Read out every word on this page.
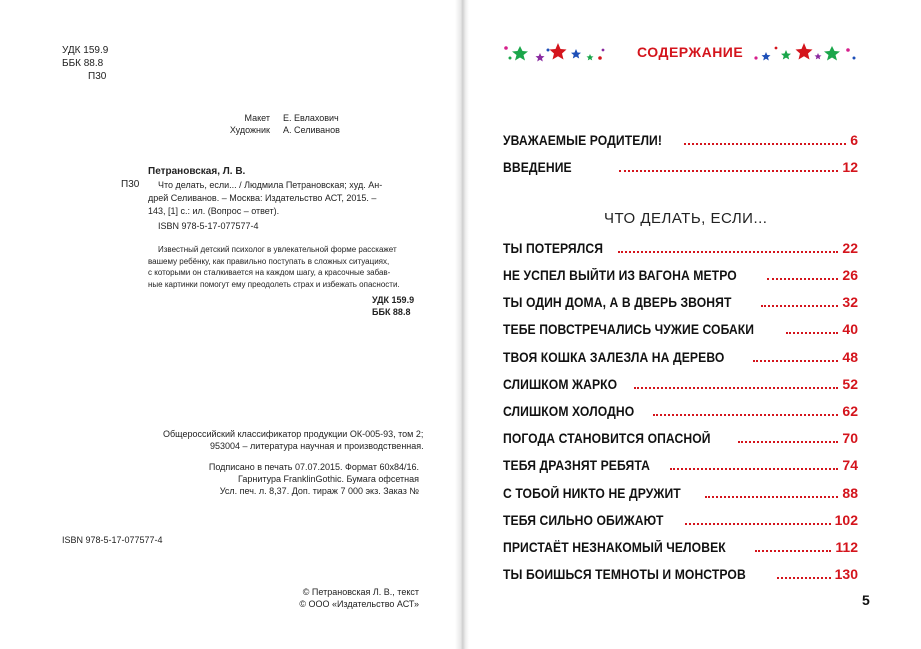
УДК 159.9
ББК 88.8
П30
Макет Е. Евлахович
Художник А. Селиванов
Петрановская, Л. В.
П30 Что делать, если... / Людмила Петрановская; худ. Ан-
дрей Селиванов. – Москва: Издательство АСТ, 2015. –
143, [1] с.: ил. (Вопрос – ответ).
ISBN 978-5-17-077577-4
Известный детский психолог в увлекательной форме расскажет
вашему ребёнку, как правильно поступать в сложных ситуациях,
с которыми он сталкивается на каждом шагу, а красочные забав-
ные картинки помогут ему преодолеть страх и избежать опасности.
УДК 159.9
ББК 88.8
Общероссийский классификатор продукции ОК-005-93, том 2;
953004 – литература научная и производственная.
Подписано в печать 07.07.2015. Формат 60х84/16.
Гарнитура FranklinGothic. Бумага офсетная
Усл. печ. л. 8,37. Доп. тираж 7 000 экз. Заказ №
ISBN 978-5-17-077577-4
© Петрановская Л. В., текст
© ООО «Издательство АСТ»
СОДЕРЖАНИЕ
УВАЖАЕМЫЕ РОДИТЕЛИ!	6
ВВЕДЕНИЕ	12
ЧТО ДЕЛАТЬ, ЕСЛИ...
ТЫ ПОТЕРЯЛСЯ	22
НЕ УСПЕЛ ВЫЙТИ ИЗ ВАГОНА МЕТРО	26
ТЫ ОДИН ДОМА, А В ДВЕРЬ ЗВОНЯТ	32
ТЕБЕ ПОВСТРЕЧАЛИСЬ ЧУЖИЕ СОБАКИ	40
ТВОЯ КОШКА ЗАЛЕЗЛА НА ДЕРЕВО	48
СЛИШКОМ ЖАРКО	52
СЛИШКОМ ХОЛОДНО	62
ПОГОДА СТАНОВИТСЯ ОПАСНОЙ	70
ТЕБЯ ДРАЗНЯТ РЕБЯТА	74
С ТОБОЙ НИКТО НЕ ДРУЖИТ	88
ТЕБЯ СИЛЬНО ОБИЖАЮТ	102
ПРИСТАЁТ НЕЗНАКОМЫЙ ЧЕЛОВЕК	112
ТЫ БОИШЬСЯ ТЕМНОТЫ И МОНСТРОВ	130
5
